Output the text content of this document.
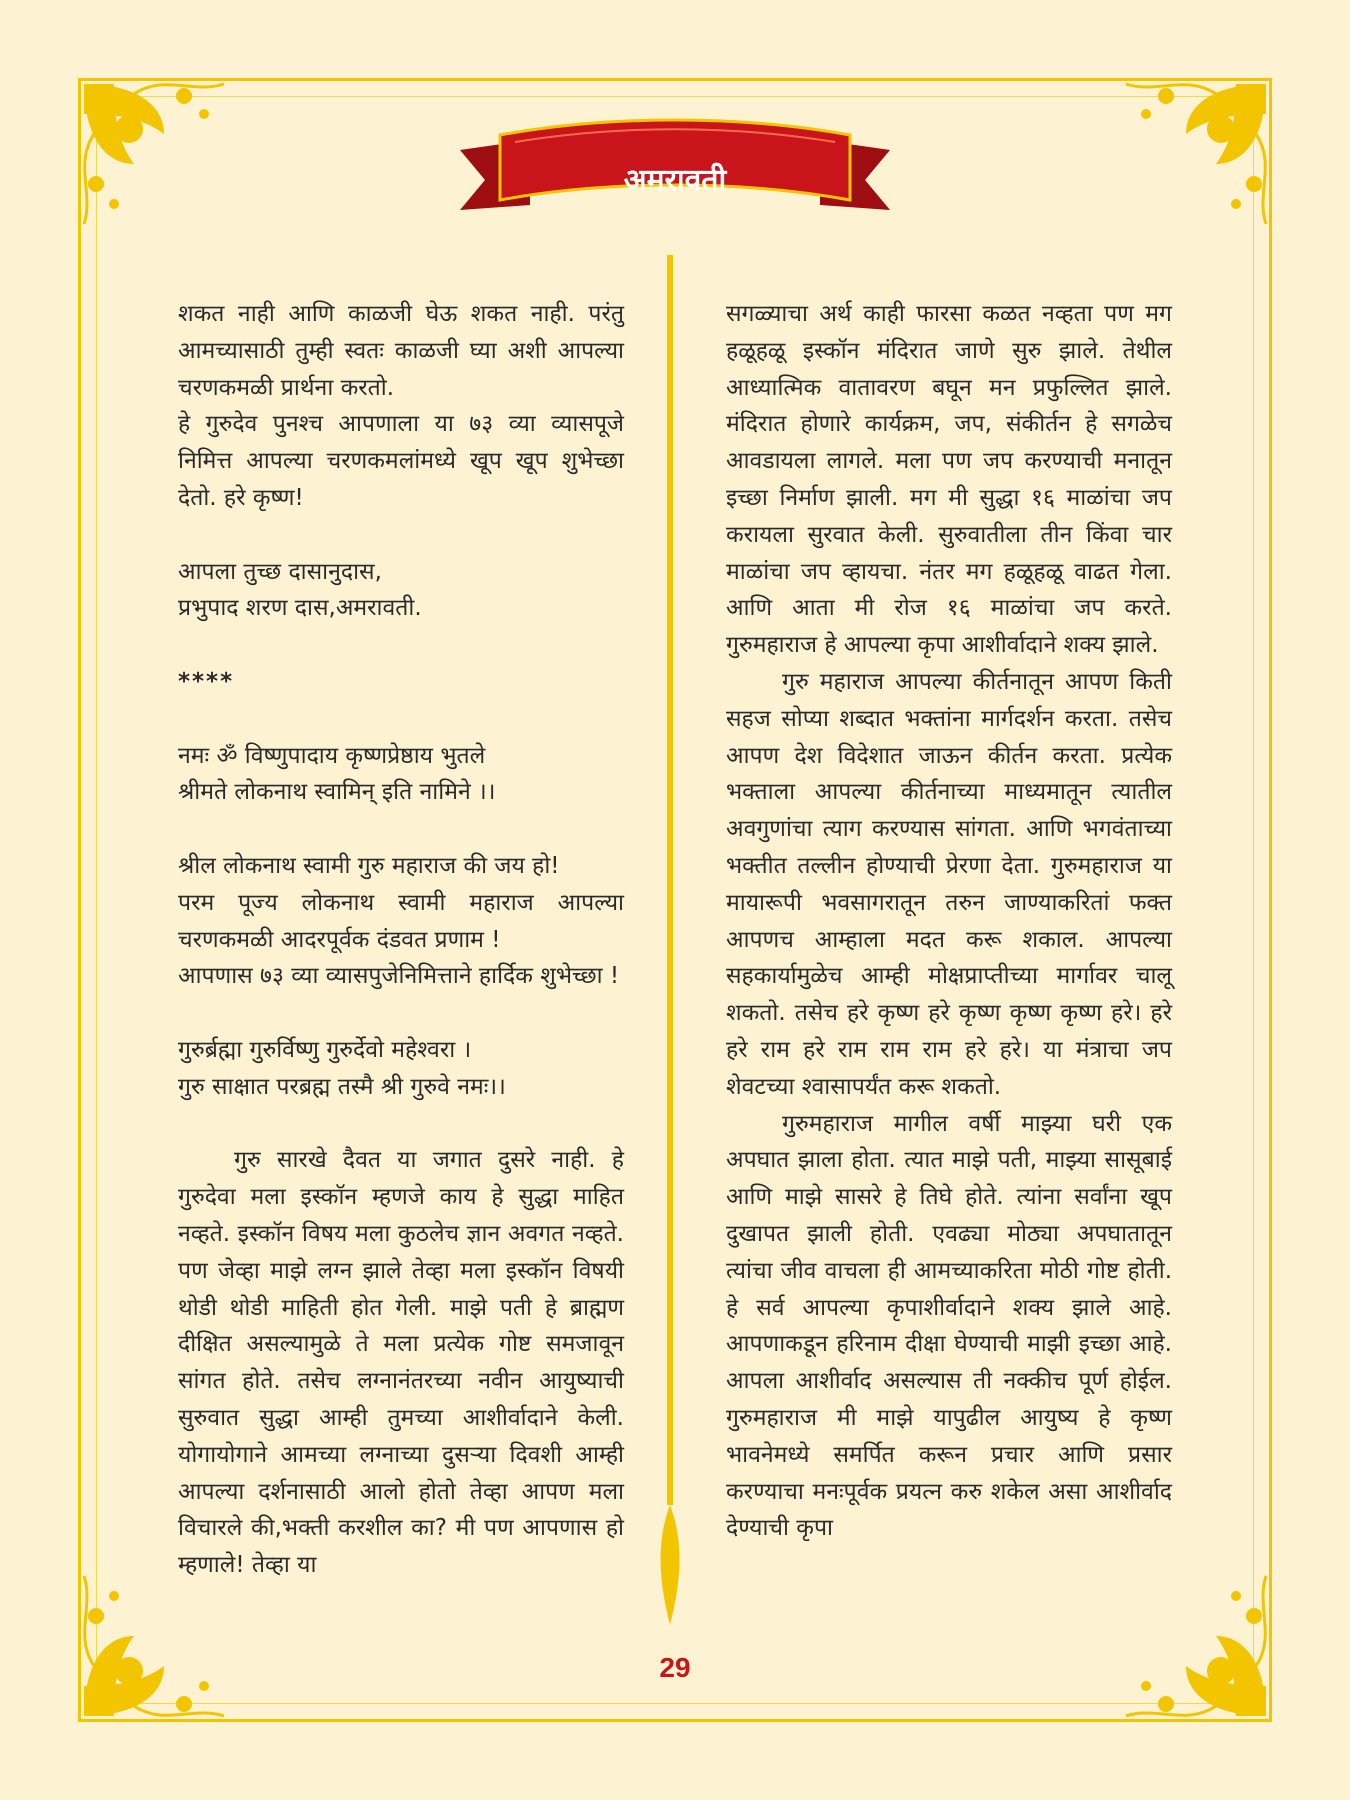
अमरावती

शकत नाही आणि काळजी घेऊ शकत नाही. परंतु आमच्यासाठी तुम्ही स्वतः काळजी घ्या अशी आपल्या चरणकमळी प्रार्थना करतो.

हे गुरुदेव पुनश्च आपणाला या ७३ व्या व्यासपूजे निमित्त आपल्या चरणकमलांमध्ये खूप खूप शुभेच्छा देतो. हरे कृष्ण!

आपला तुच्छ दासानुदास,

प्रभुपाद शरण दास,अमरावती.

****

नमः ॐ विष्णुपादाय कृष्णप्रेष्ठाय भुतले

श्रीमते लोकनाथ स्वामिन् इति नामिने ।।

श्रील लोकनाथ स्वामी गुरु महाराज की जय हो!

परम पूज्य लोकनाथ स्वामी महाराज आपल्या चरणकमळी आदरपूर्वक दंडवत प्रणाम !

आपणास ७३ व्या व्यासपुजेनिमित्ताने हार्दिक शुभेच्छा !

गुरुर्ब्रह्मा गुरुर्विष्णु गुरुर्देवो महेश्वरा ।

गुरु साक्षात परब्रह्म तस्मै श्री गुरुवे नमः।।

गुरु सारखे दैवत या जगात दुसरे नाही. हे गुरुदेवा मला इस्कॉन म्हणजे काय हे सुद्धा माहित नव्हते. इस्कॉन विषय मला कुठलेच ज्ञान अवगत नव्हते. पण जेव्हा माझे लग्न झाले तेव्हा मला इस्कॉन विषयी थोडी थोडी माहिती होत गेली. माझे पती हे ब्राह्मण दीक्षित असल्यामुळे ते मला प्रत्येक गोष्ट समजावून सांगत होते. तसेच लग्नानंतरच्या नवीन आयुष्याची सुरुवात सुद्धा आम्ही तुमच्या आशीर्वादाने केली. योगायोगाने आमच्या लग्नाच्या दुसऱ्या दिवशी आम्ही आपल्या दर्शनासाठी आलो होतो तेव्हा आपण मला विचारले की,भक्ती करशील का? मी पण आपणास हो म्हणाले! तेव्हा या

सगळ्याचा अर्थ काही फारसा कळत नव्हता पण मग हळूहळू इस्कॉन मंदिरात जाणे सुरु झाले. तेथील आध्यात्मिक वातावरण बघून मन प्रफुल्लित झाले. मंदिरात होणारे कार्यक्रम, जप, संकीर्तन हे सगळेच आवडायला लागले. मला पण जप करण्याची मनातून इच्छा निर्माण झाली. मग मी सुद्धा १६ माळांचा जप करायला सुरवात केली. सुरुवातीला तीन किंवा चार माळांचा जप व्हायचा. नंतर मग हळूहळू वाढत गेला. आणि आता मी रोज १६ माळांचा जप करते. गुरुमहाराज हे आपल्या कृपा आशीर्वादाने शक्य झाले.

गुरु महाराज आपल्या कीर्तनातून आपण किती सहज सोप्या शब्दात भक्तांना मार्गदर्शन करता. तसेच आपण देश विदेशात जाऊन कीर्तन करता. प्रत्येक भक्ताला आपल्या कीर्तनाच्या माध्यमातून त्यातील अवगुणांचा त्याग करण्यास सांगता. आणि भगवंताच्या भक्तीत तल्लीन होण्याची प्रेरणा देता. गुरुमहाराज या मायारूपी भवसागरातून तरुन जाण्याकरितां फक्त आपणच आम्हाला मदत करू शकाल. आपल्या सहकार्यामुळेच आम्ही मोक्षप्राप्तीच्या मार्गावर चालू शकतो. तसेच हरे कृष्ण हरे कृष्ण कृष्ण कृष्ण हरे। हरे हरे राम हरे राम राम राम हरे हरे। या मंत्राचा जप शेवटच्या श्वासापर्यंत करू शकतो.

गुरुमहाराज मागील वर्षी माझ्या घरी एक अपघात झाला होता. त्यात माझे पती, माझ्या सासूबाई आणि माझे सासरे हे तिघे होते. त्यांना सर्वांना खूप दुखापत झाली होती. एवढ्या मोठ्या अपघातातून त्यांचा जीव वाचला ही आमच्याकरिता मोठी गोष्ट होती. हे सर्व आपल्या कृपाशीर्वादाने शक्य झाले आहे. आपणाकडून हरिनाम दीक्षा घेण्याची माझी इच्छा आहे. आपला आशीर्वाद असल्यास ती नक्कीच पूर्ण होईल. गुरुमहाराज मी माझे यापुढील आयुष्य हे कृष्ण भावनेमध्ये समर्पित करून प्रचार आणि प्रसार करण्याचा मनःपूर्वक प्रयत्न करु शकेल असा आशीर्वाद देण्याची कृपा

29
